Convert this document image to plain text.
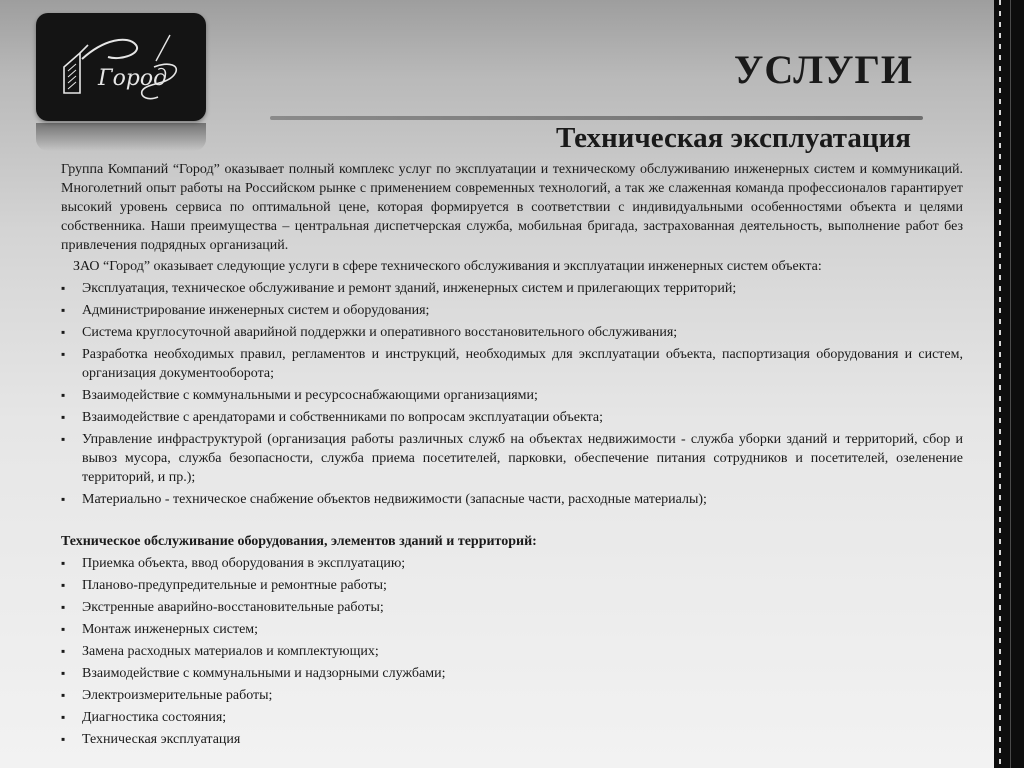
Город	УСЛУГИ
Техническая эксплуатация

Группа Компаний “Город” оказывает полный комплекс услуг по эксплуатации и техническому обслуживанию инженерных систем и коммуникаций. Многолетний опыт работы на Российском рынке с применением современных технологий, а так же слаженная команда профессионалов гарантирует высокий уровень сервиса по оптимальной цене, которая формируется в соответствии с индивидуальными особенностями объекта и целями собственника. Наши преимущества – центральная диспетчерская служба, мобильная бригада, застрахованная деятельность, выполнение работ без привлечения подрядных организаций.

ЗАО “Город” оказывает следующие услуги в сфере технического обслуживания и эксплуатации инженерных систем объекта:

▪ Эксплуатация, техническое обслуживание и ремонт зданий, инженерных систем и прилегающих территорий;
▪ Администрирование инженерных систем и оборудования;
▪ Система круглосуточной аварийной поддержки и оперативного восстановительного обслуживания;
▪ Разработка необходимых правил, регламентов и инструкций, необходимых для эксплуатации объекта, паспортизация оборудования и систем, организация документооборота;
▪ Взаимодействие с коммунальными и ресурсоснабжающими организациями;
▪ Взаимодействие с арендаторами и собственниками по вопросам эксплуатации объекта;
▪ Управление инфраструктурой (организация работы различных служб на объектах недвижимости - служба уборки зданий и территорий, сбор и вывоз мусора, служба безопасности, служба приема посетителей, парковки, обеспечение питания сотрудников и посетителей, озеленение территорий, и пр.);
▪ Материально - техническое снабжение объектов недвижимости (запасные части, расходные материалы);

Техническое обслуживание оборудования, элементов зданий и территорий:

▪ Приемка объекта, ввод оборудования в эксплуатацию;
▪ Планово-предупредительные и ремонтные работы;
▪ Экстренные аварийно-восстановительные работы;
▪ Монтаж инженерных систем;
▪ Замена расходных материалов и комплектующих;
▪ Взаимодействие с коммунальными и надзорными службами;
▪ Электроизмерительные работы;
▪ Диагностика состояния;
▪ Техническая эксплуатация
